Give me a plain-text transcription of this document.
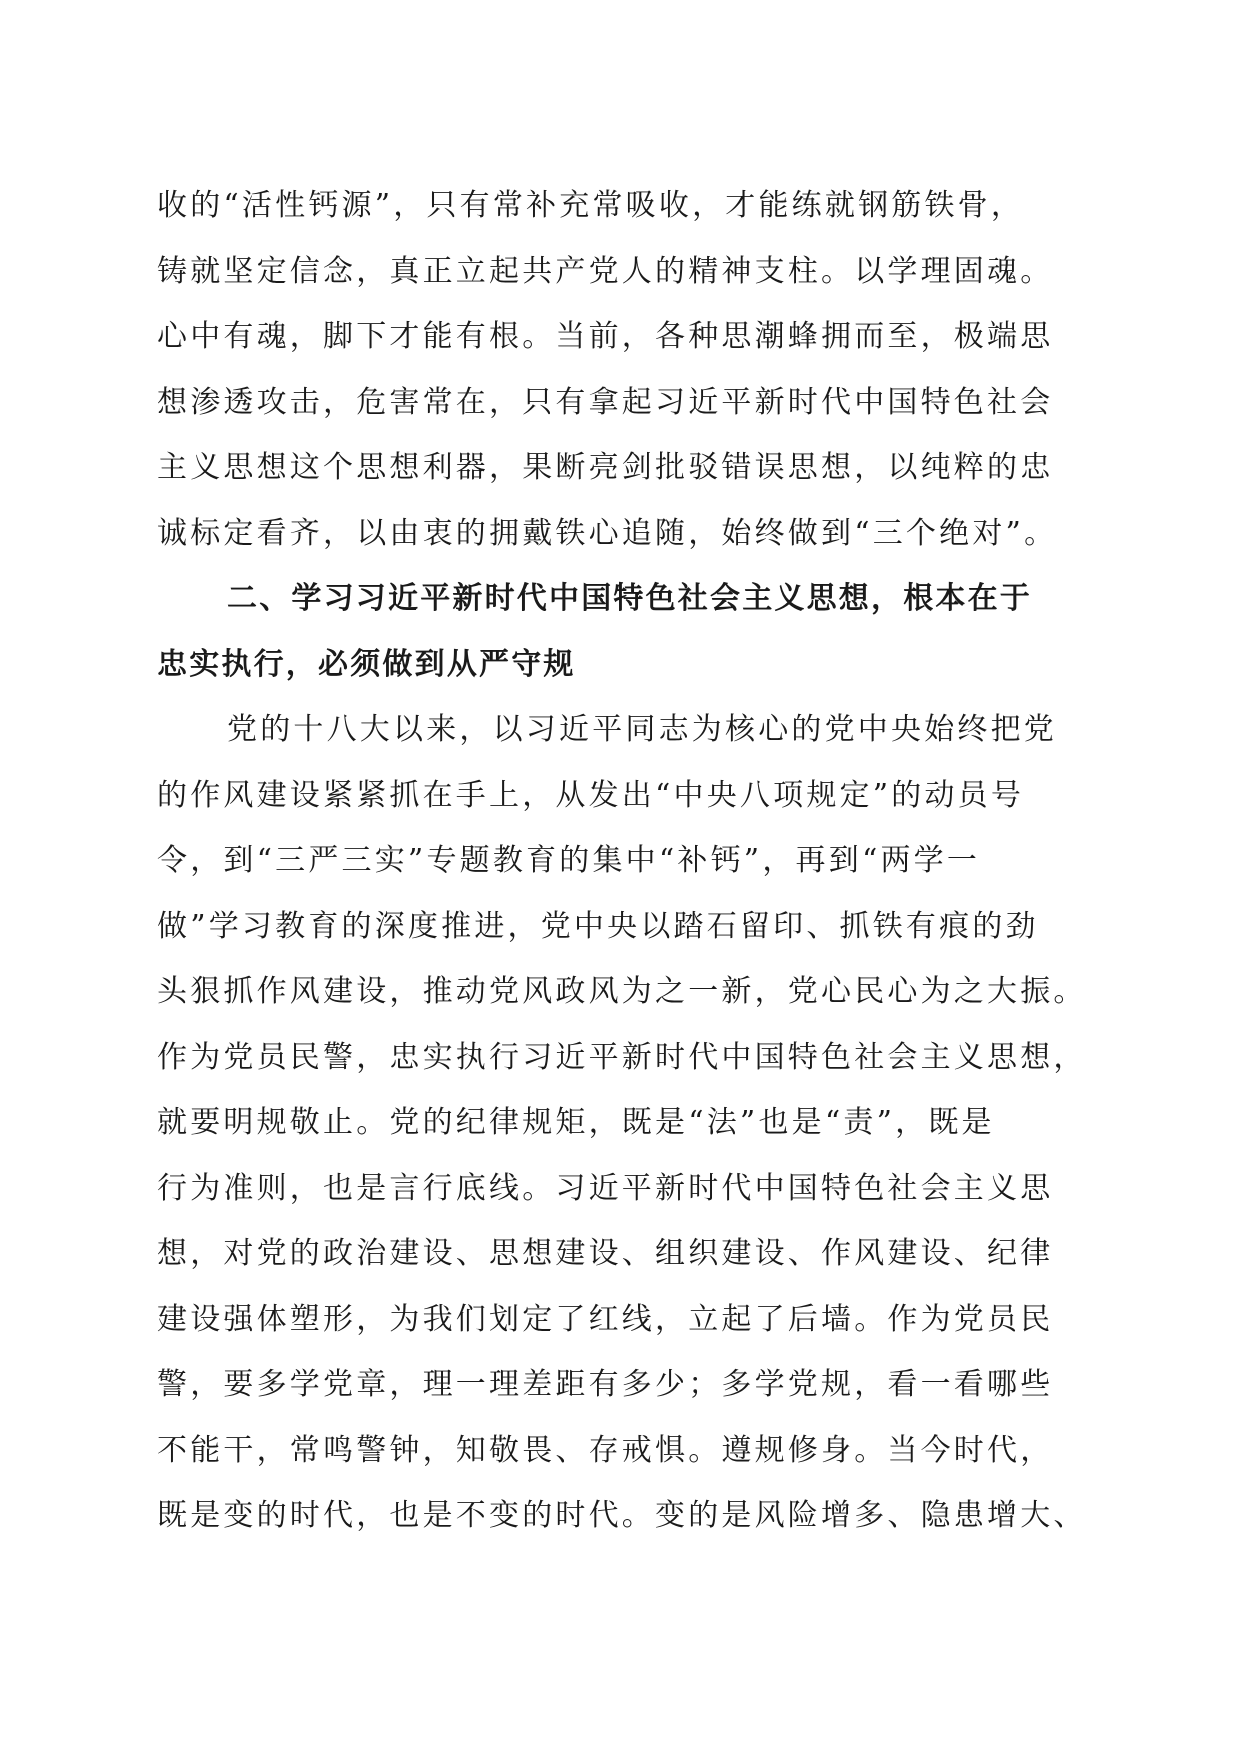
收的“活性钙源”，只有常补充常吸收，才能练就钢筋铁骨，
铸就坚定信念，真正立起共产党人的精神支柱。以学理固魂。
心中有魂，脚下才能有根。当前，各种思潮蜂拥而至，极端思
想渗透攻击，危害常在，只有拿起习近平新时代中国特色社会
主义思想这个思想利器，果断亮剑批驳错误思想，以纯粹的忠
诚标定看齐，以由衷的拥戴铁心追随，始终做到“三个绝对”。
二、学习习近平新时代中国特色社会主义思想，根本在于
忠实执行，必须做到从严守规
党的十八大以来，以习近平同志为核心的党中央始终把党
的作风建设紧紧抓在手上，从发出“中央八项规定”的动员号
令，到“三严三实”专题教育的集中“补钙”，再到“两学一
做”学习教育的深度推进，党中央以踏石留印、抓铁有痕的劲
头狠抓作风建设，推动党风政风为之一新，党心民心为之大振。
作为党员民警，忠实执行习近平新时代中国特色社会主义思想，
就要明规敬止。党的纪律规矩，既是“法”也是“责”，既是
行为准则，也是言行底线。习近平新时代中国特色社会主义思
想，对党的政治建设、思想建设、组织建设、作风建设、纪律
建设强体塑形，为我们划定了红线，立起了后墙。作为党员民
警，要多学党章，理一理差距有多少；多学党规，看一看哪些
不能干，常鸣警钟，知敬畏、存戒惧。遵规修身。当今时代，
既是变的时代，也是不变的时代。变的是风险增多、隐患增大、
